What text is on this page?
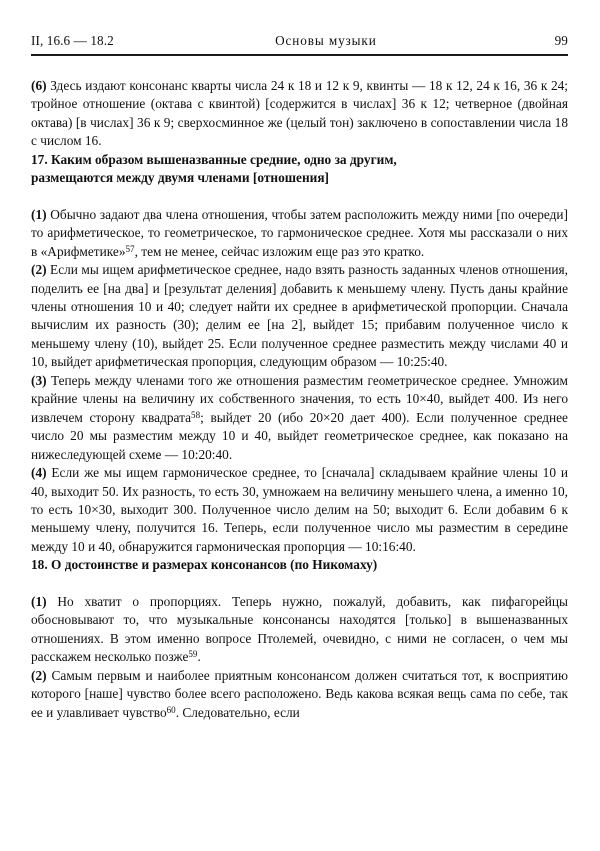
II, 16.6 — 18.2	Основы музыки	99

(6) Здесь издают консонанс кварты числа 24 к 18 и 12 к 9, квинты — 18 к 12, 24 к 16, 36 к 24; тройное отношение (октава с квинтой) [содержится в числах] 36 к 12; четверное (двойная октава) [в числах] 36 к 9; сверхосминное же (целый тон) заключено в сопоставлении числа 18 с числом 16.

17. Каким образом вышеназванные средние, одно за другим,
размещаются между двумя членами [отношения]

(1) Обычно задают два члена отношения, чтобы затем расположить между ними [по очереди] то арифметическое, то геометрическое, то гармоническое среднее. Хотя мы рассказали о них в «Арифметике»$^{57}$, тем не менее, сейчас изложим еще раз это кратко.

(2) Если мы ищем арифметическое среднее, надо взять разность заданных членов отношения, поделить ее [на два] и [результат деления] добавить к меньшему члену. Пусть даны крайние члены отношения 10 и 40; следует найти их среднее в арифметической пропорции. Сначала вычислим их разность (30); делим ее [на 2], выйдет 15; прибавим полученное число к меньшему члену (10), выйдет 25. Если полученное среднее разместить между числами 40 и 10, выйдет арифметическая пропорция, следующим образом — 10:25:40.

(3) Теперь между членами того же отношения разместим геометрическое среднее. Умножим крайние члены на величину их собственного значения, то есть 10×40, выйдет 400. Из него извлечем сторону квадрата$^{58}$; выйдет 20 (ибо 20×20 дает 400). Если полученное среднее число 20 мы разместим между 10 и 40, выйдет геометрическое среднее, как показано на нижеследующей схеме — 10:20:40.

(4) Если же мы ищем гармоническое среднее, то [сначала] складываем крайние члены 10 и 40, выходит 50. Их разность, то есть 30, умножаем на величину меньшего члена, а именно 10, то есть 10×30, выходит 300. Полученное число делим на 50; выходит 6. Если добавим 6 к меньшему члену, получится 16. Теперь, если полученное число мы разместим в середине между 10 и 40, обнаружится гармоническая пропорция — 10:16:40.

18. О достоинстве и размерах консонансов (по Никомаху)

(1) Но хватит о пропорциях. Теперь нужно, пожалуй, добавить, как пифагорейцы обосновывают то, что музыкальные консонансы находятся [только] в вышеназванных отношениях. В этом именно вопросе Птолемей, очевидно, с ними не согласен, о чем мы расскажем несколько позже$^{59}$.

(2) Самым первым и наиболее приятным консонансом должен считаться тот, к восприятию которого [наше] чувство более всего расположено. Ведь какова всякая вещь сама по себе, так ее и улавливает чувство$^{60}$. Следовательно, если
